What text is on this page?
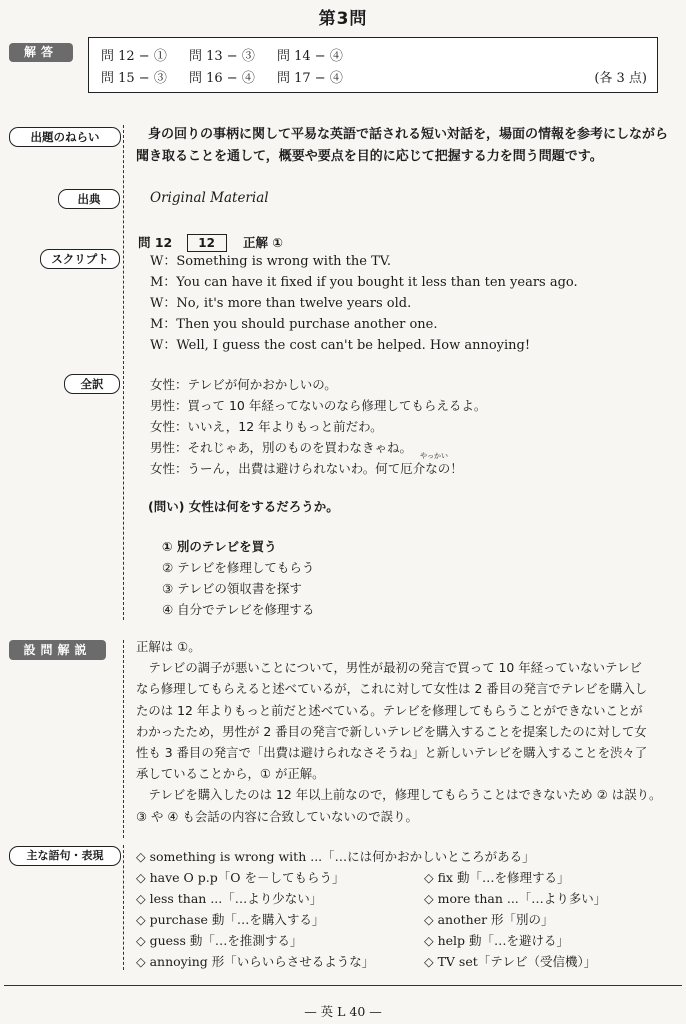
第3問
解答	問 12 − ① 問 13 − ③ 問 14 − ④
問 15 − ③ 問 16 − ④ 問 17 − ④	(各 3 点)
出題のねらい	身の回りの事柄に関して平易な英語で話される短い対話を，場面の情報を参考にしながら
聞き取ることを通して，概要や要点を目的に応じて把握する力を問う問題です。
出典	Original Material
スクリプト
問 12 12 正解 ①
W：Something is wrong with the TV.
M：You can have it fixed if you bought it less than ten years ago.
W：No, it's more than twelve years old.
M：Then you should purchase another one.
W：Well, I guess the cost can't be helped. How annoying!
全訳	女性：テレビが何かおかしいの。
男性：買って 10 年経ってないのなら修理してもらえるよ。
女性：いいえ，12 年よりもっと前だわ。
男性：それじゃあ，別のものを買わなきゃね。
女性：うーん，出費は避けられないわ。何て厄介なの！
やっかい
(問い) 女性は何をするだろうか。
① 別のテレビを買う
② テレビを修理してもらう
③ テレビの領収書を探す
④ 自分でテレビを修理する
設問解説	正解は ①。
　テレビの調子が悪いことについて，男性が最初の発言で買って 10 年経っていないテレビ
なら修理してもらえると述べているが，これに対して女性は 2 番目の発言でテレビを購入し
たのは 12 年よりもっと前だと述べている。テレビを修理してもらうことができないことが
わかったため，男性が 2 番目の発言で新しいテレビを購入することを提案したのに対して女
性も 3 番目の発言で「出費は避けられなさそうね」と新しいテレビを購入することを渋々了
承していることから，① が正解。
　テレビを購入したのは 12 年以上前なので，修理してもらうことはできないため ② は誤り。
③ や ④ も会話の内容に合致していないので誤り。
主な語句・表現	◇ something is wrong with ...「…には何かおかしいところがある」
◇ have O p.p「O を－してもらう」
◇ less than ...「…より少ない」
◇ purchase 動「…を購入する」
◇ guess 動「…を推測する」
◇ annoying 形「いらいらさせるような」
◇ fix 動「…を修理する」
◇ more than ...「…より多い」
◇ another 形「別の」
◇ help 動「…を避ける」
◇ TV set「テレビ（受信機）」
— 英 L 40 —
